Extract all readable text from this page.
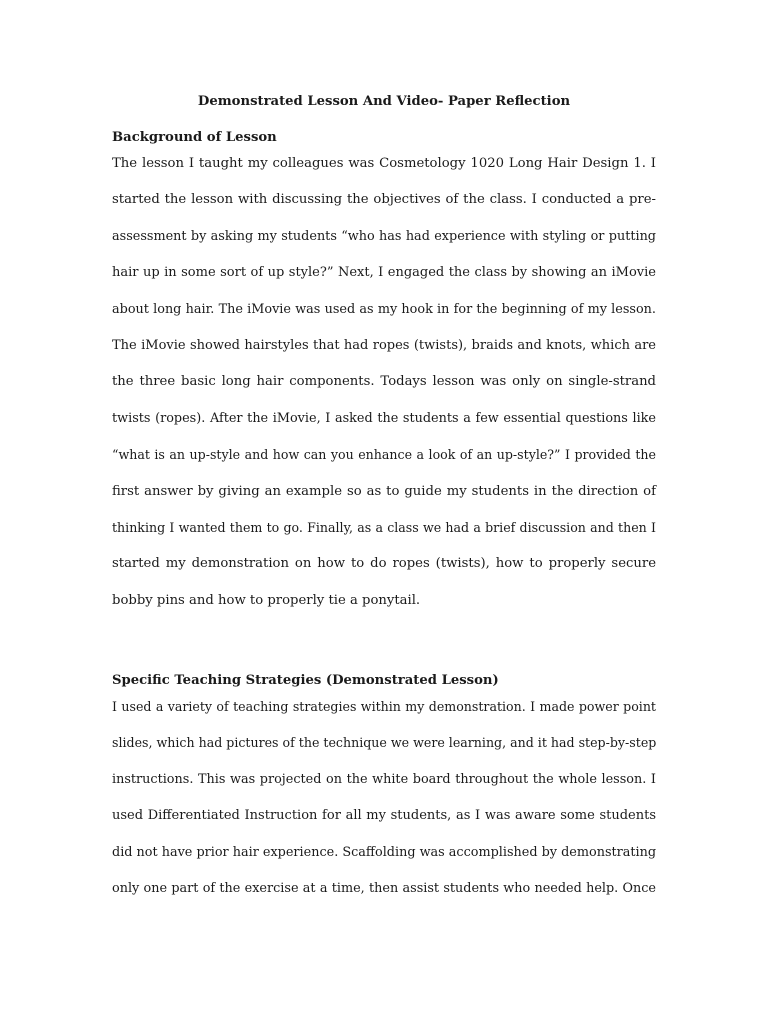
Demonstrated Lesson And Video- Paper Reflection

Background of Lesson

The lesson I taught my colleagues was Cosmetology 1020 Long Hair Design 1. I
started the lesson with discussing the objectives of the class. I conducted a pre-
assessment by asking my students “who has had experience with styling or putting
hair up in some sort of up style?” Next, I engaged the class by showing an iMovie
about long hair. The iMovie was used as my hook in for the beginning of my lesson.
The iMovie showed hairstyles that had ropes (twists), braids and knots, which are
the three basic long hair components. Todays lesson was only on single-strand
twists (ropes). After the iMovie, I asked the students a few essential questions like
“what is an up-style and how can you enhance a look of an up-style?” I provided the
first answer by giving an example so as to guide my students in the direction of
thinking I wanted them to go. Finally, as a class we had a brief discussion and then I
started my demonstration on how to do ropes (twists), how to properly secure
bobby pins and how to properly tie a ponytail.

Specific Teaching Strategies (Demonstrated Lesson)

I used a variety of teaching strategies within my demonstration. I made power point
slides, which had pictures of the technique we were learning, and it had step-by-step
instructions. This was projected on the white board throughout the whole lesson. I
used Differentiated Instruction for all my students, as I was aware some students
did not have prior hair experience. Scaffolding was accomplished by demonstrating
only one part of the exercise at a time, then assist students who needed help. Once
